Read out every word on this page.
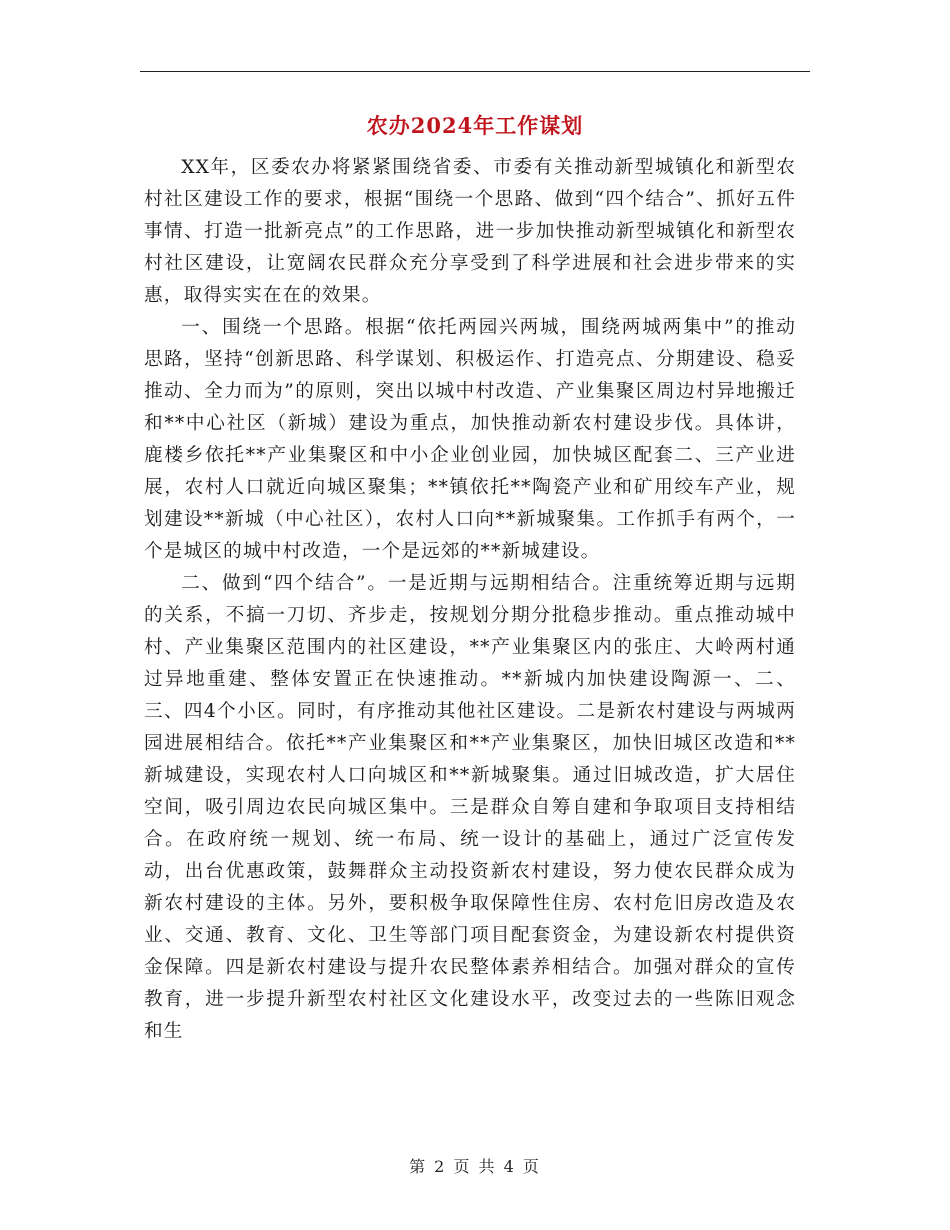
农办2024年工作谋划

XX年，区委农办将紧紧围绕省委、市委有关推动新型城镇化和新型农村社区建设工作的要求，根据“围绕一个思路、做到“四个结合”、抓好五件事情、打造一批新亮点”的工作思路，进一步加快推动新型城镇化和新型农村社区建设，让宽阔农民群众充分享受到了科学进展和社会进步带来的实惠，取得实实在在的效果。

一、围绕一个思路。根据“依托两园兴两城，围绕两城两集中”的推动思路，坚持“创新思路、科学谋划、积极运作、打造亮点、分期建设、稳妥推动、全力而为”的原则，突出以城中村改造、产业集聚区周边村异地搬迁和**中心社区（新城）建设为重点，加快推动新农村建设步伐。具体讲，鹿楼乡依托**产业集聚区和中小企业创业园，加快城区配套二、三产业进展，农村人口就近向城区聚集；**镇依托**陶瓷产业和矿用绞车产业，规划建设**新城（中心社区），农村人口向**新城聚集。工作抓手有两个，一个是城区的城中村改造，一个是远郊的**新城建设。

二、做到“四个结合”。一是近期与远期相结合。注重统筹近期与远期的关系，不搞一刀切、齐步走，按规划分期分批稳步推动。重点推动城中村、产业集聚区范围内的社区建设，**产业集聚区内的张庄、大岭两村通过异地重建、整体安置正在快速推动。**新城内加快建设陶源一、二、三、四4个小区。同时，有序推动其他社区建设。二是新农村建设与两城两园进展相结合。依托**产业集聚区和**产业集聚区，加快旧城区改造和**新城建设，实现农村人口向城区和**新城聚集。通过旧城改造，扩大居住空间，吸引周边农民向城区集中。三是群众自筹自建和争取项目支持相结合。在政府统一规划、统一布局、统一设计的基础上，通过广泛宣传发动，出台优惠政策，鼓舞群众主动投资新农村建设，努力使农民群众成为新农村建设的主体。另外，要积极争取保障性住房、农村危旧房改造及农业、交通、教育、文化、卫生等部门项目配套资金，为建设新农村提供资金保障。四是新农村建设与提升农民整体素养相结合。加强对群众的宣传教育，进一步提升新型农村社区文化建设水平，改变过去的一些陈旧观念和生

第 2 页 共 4 页
